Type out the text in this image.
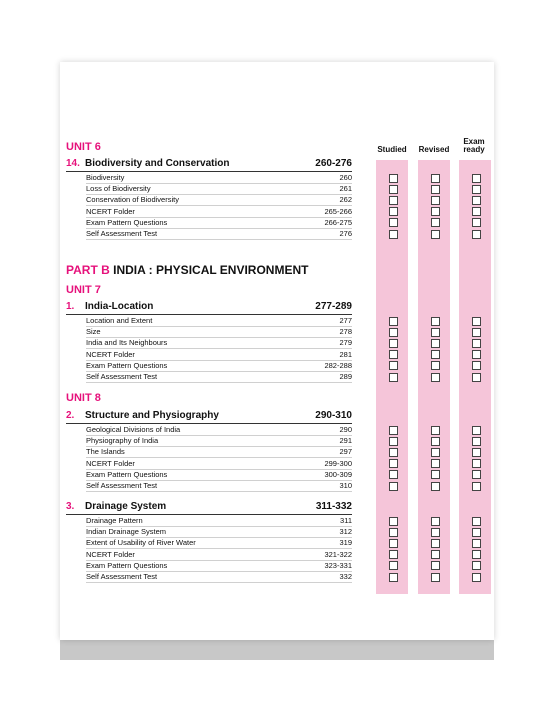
Studied	Revised
Exam ready
UNIT 6
14. Biodiversity and Conservation	260-276
Biodiversity	260
Loss of Biodiversity	261
Conservation of Biodiversity	262
NCERT Folder	265-266
Exam Pattern Questions	266-275
Self Assessment Test	276
PART B INDIA : PHYSICAL ENVIRONMENT
UNIT 7
1. India-Location	277-289
Location and Extent	277
Size	278
India and Its Neighbours	279
NCERT Folder	281
Exam Pattern Questions	282-288
Self Assessment Test	289
UNIT 8
2. Structure and Physiography	290-310
Geological Divisions of India	290
Physiography of India	291
The Islands	297
NCERT Folder	299-300
Exam Pattern Questions	300-309
Self Assessment Test	310
3. Drainage System	311-332
Drainage Pattern	311
Indian Drainage System	312
Extent of Usability of River Water	319
NCERT Folder	321-322
Exam Pattern Questions	323-331
Self Assessment Test	332
